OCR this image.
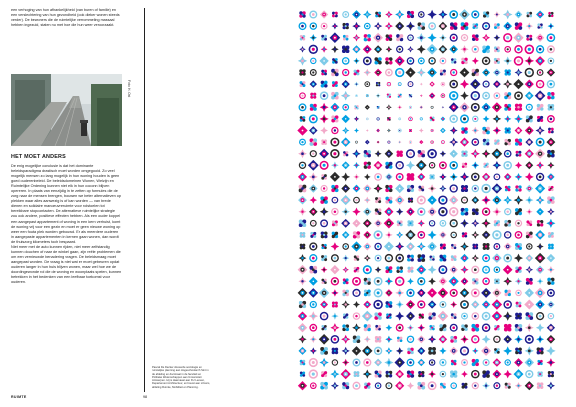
een verhoging van hun afhankelijkheid (van buren of familie) en een verslechtering van hun gezondheid (ook dieker wonen steeds verder). De bewoners die de ruimtelijke verrommeling massaal hebben ingezuid, staten nu met hoe die hun weer veroorzaakt.
Foto: H. Ost
HET MOET ANDERS

De enig mogelijke conclusie is dat het dominante beleidsparadigma drastisch moet worden omgegooid. Zo veel mogelijk mensen zo lang mogelijk in hun woning houden is geen goed ouderenbeleid. De beleidsdomeinen Wonen, Welzijn en Ruimtelijke Ordening kunnen niet elk in hun coconn blijven opereren. In plaats van eenzijdig in te zetten op formules die de zorg naar de mensen brengen, bouwen we beter alternatieven op plekken waar alles aanwezig is of kan worden — van brede dienen en solidaire manoeuvreruimte voor rolstoelen tot bereikbare stopcontacten. De alternatieve ruimtelijke strategie zou ook andere, positieve effecten hebben. Als een ouder koppel een aangepast appartement of woning in een kern verhuist, komt de woning vrij voor een gezin en moet er geen nieuwe woning op weer een fouta plek worden gebouwd. Er als meerdere ouderen in aangepaste appartementen in kernen gaan wonen, dan wordt de thuiszorg kilometers toch bespaard.

Niet meer met de auto kunnen rijden, niet meer zelfstandig kunnen douchen of naar de winkel gaan, zijn reële problemen die om een vernieuwde benadering vragen. De beleidsmaag moet aangepast worden. De vraag is niet wat er moet gebeuren opdat ouderen langer in hun huis blijven wonen, maar wel hoe we de doordingewonde rol die de woning en woonplaats spelen, kunnen betrekken in het bedenken van een leefbaar toekomst voor ouderen.

Pascal De Decker doceerde sociologie en ruimtelijke planning aan Hogeschoolarch Sint in de afdeling en doctoraat in de faculteit en Politieke Wetenschappen aan Universiteit Antwerpen. Hij is daarnaast aan KU Leuven, Departement Architectuur, en bouwt aan LOvers, afdeling Ruimte, Mobiliteit en Planning.
RUIMTE	98
